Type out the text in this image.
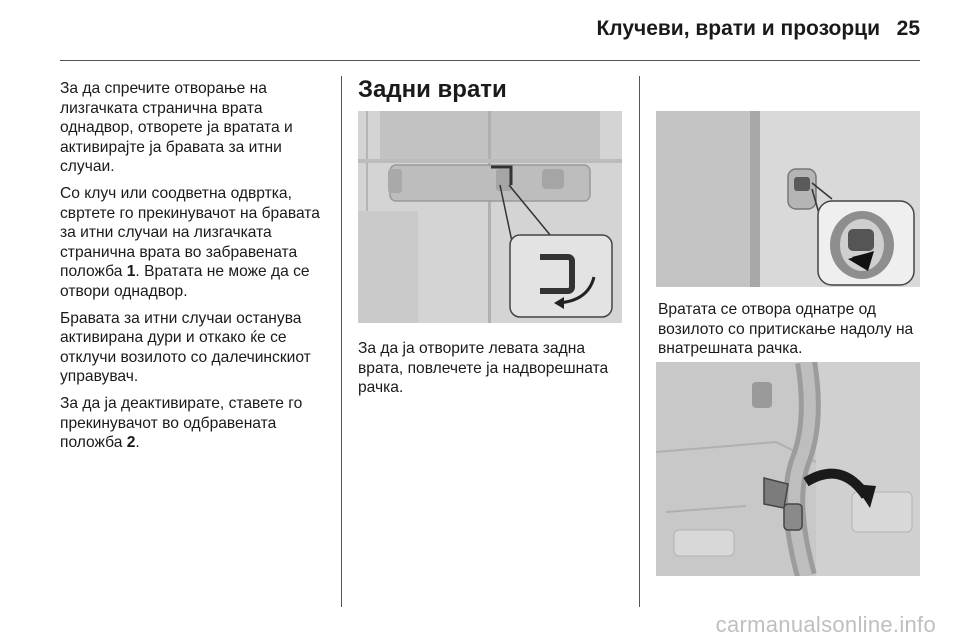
Клучеви, врати и прозорци 25

За да спречите отворање на лизгачката странична врата однадвор, отворете ја вратата и активирајте ја бравата за итни случаи.

Со клуч или соодветна одвртка, свртете го прекинувачот на бравата за итни случаи на лизгачката странична врата во забравената положба 1. Вратата не може да се отвори однадвор.

Бравата за итни случаи останува активирана дури и откако ќе се отклучи возилото со далечинскиот управувач.

За да ја деактивирате, ставете го прекинувачот во одбравената положба 2.

Задни врати
За да ја отворите левата задна врата, повлечете ја надворешната рачка.
Вратата се отвора однатре од возилото со притискање надолу на внатрешната рачка.
carmanualsonline.info
